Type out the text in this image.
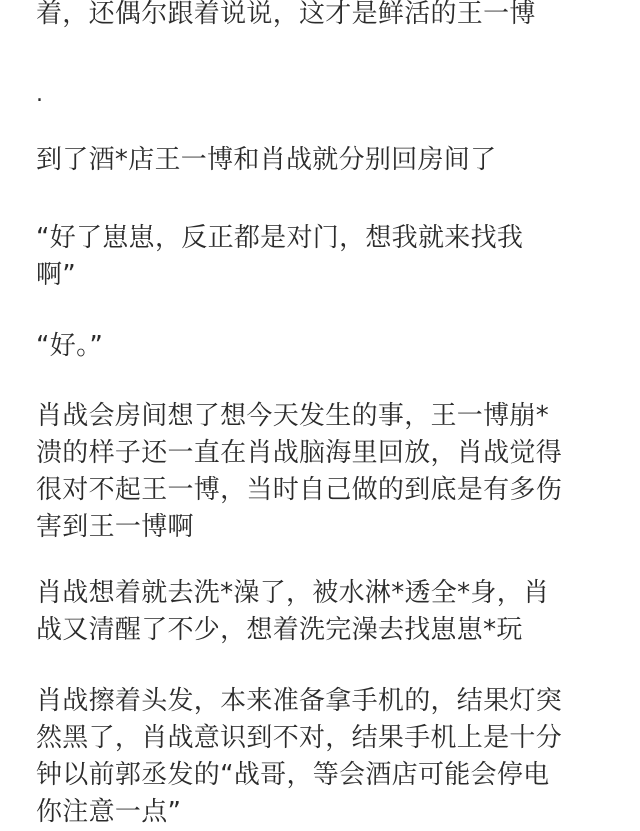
着，还偶尔跟着说说，这才是鲜活的王一博

.

到了酒*店王一博和肖战就分别回房间了

“好了崽崽，反正都是对门，想我就来找我
啊”

“好。”

肖战会房间想了想今天发生的事，王一博崩*
溃的样子还一直在肖战脑海里回放，肖战觉得
很对不起王一博，当时自己做的到底是有多伤
害到王一博啊

肖战想着就去洗*澡了，被水淋*透全*身，肖
战又清醒了不少，想着洗完澡去找崽崽*玩

肖战擦着头发，本来准备拿手机的，结果灯突
然黑了，肖战意识到不对，结果手机上是十分
钟以前郭丞发的“战哥，等会酒店可能会停电
你注意一点”
